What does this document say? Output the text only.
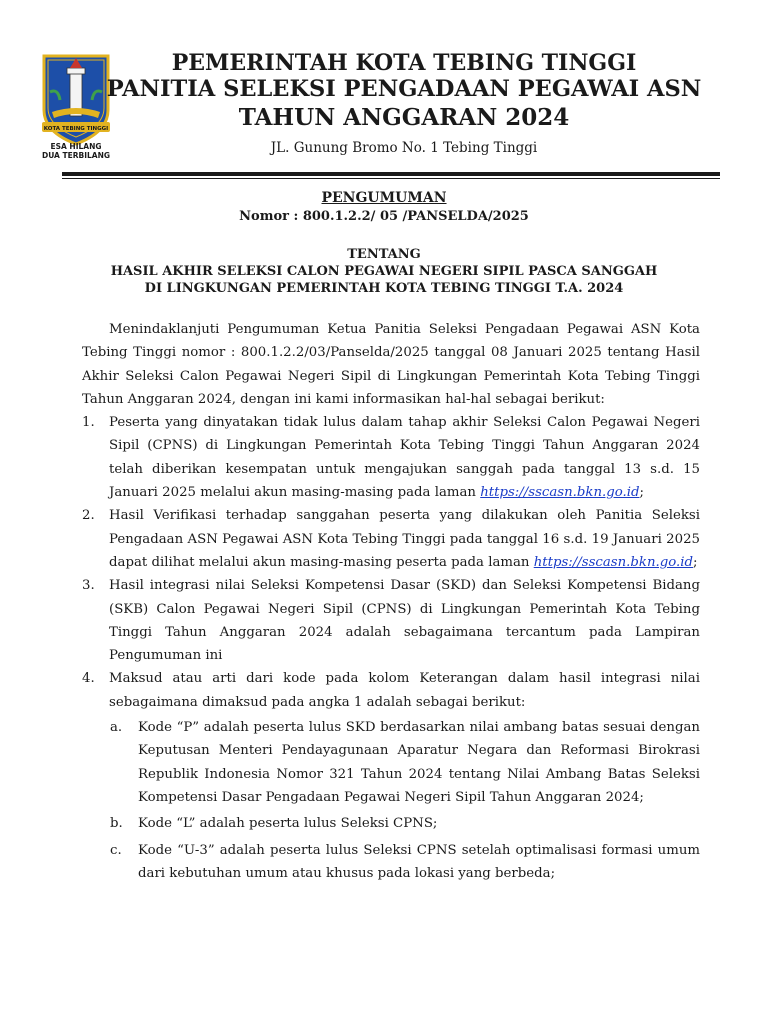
KOTA TEBING TINGGI
ESA HILANG
DUA TERBILANG
PEMERINTAH KOTA TEBING TINGGI
PANITIA SELEKSI PENGADAAN PEGAWAI ASN
TAHUN ANGGARAN 2024
JL. Gunung Bromo No. 1 Tebing Tinggi
PENGUMUMAN
Nomor : 800.1.2.2/ 05 /PANSELDA/2025
TENTANG
HASIL AKHIR SELEKSI CALON PEGAWAI NEGERI SIPIL PASCA SANGGAH
DI LINGKUNGAN PEMERINTAH KOTA TEBING TINGGI T.A. 2024

Menindaklanjuti Pengumuman Ketua Panitia Seleksi Pengadaan Pegawai ASN Kota Tebing Tinggi nomor : 800.1.2.2/03/Panselda/2025 tanggal 08 Januari 2025 tentang Hasil Akhir Seleksi Calon Pegawai Negeri Sipil di Lingkungan Pemerintah Kota Tebing Tinggi Tahun Anggaran 2024, dengan ini kami informasikan hal-hal sebagai berikut:

1. Peserta yang dinyatakan tidak lulus dalam tahap akhir Seleksi Calon Pegawai Negeri Sipil (CPNS) di Lingkungan Pemerintah Kota Tebing Tinggi Tahun Anggaran 2024 telah diberikan kesempatan untuk mengajukan sanggah pada tanggal 13 s.d. 15 Januari 2025 melalui akun masing-masing pada laman https://sscasn.bkn.go.id;
2. Hasil Verifikasi terhadap sanggahan peserta yang dilakukan oleh Panitia Seleksi Pengadaan ASN Pegawai ASN Kota Tebing Tinggi pada tanggal 16 s.d. 19 Januari 2025 dapat dilihat melalui akun masing-masing peserta pada laman https://sscasn.bkn.go.id;
3. Hasil integrasi nilai Seleksi Kompetensi Dasar (SKD) dan Seleksi Kompetensi Bidang (SKB) Calon Pegawai Negeri Sipil (CPNS) di Lingkungan Pemerintah Kota Tebing Tinggi Tahun Anggaran 2024 adalah sebagaimana tercantum pada Lampiran Pengumuman ini
4. Maksud atau arti dari kode pada kolom Keterangan dalam hasil integrasi nilai sebagaimana dimaksud pada angka 1 adalah sebagai berikut:
a. Kode “P” adalah peserta lulus SKD berdasarkan nilai ambang batas sesuai dengan Keputusan Menteri Pendayagunaan Aparatur Negara dan Reformasi Birokrasi Republik Indonesia Nomor 321 Tahun 2024 tentang Nilai Ambang Batas Seleksi Kompetensi Dasar Pengadaan Pegawai Negeri Sipil Tahun Anggaran 2024;
b. Kode “L” adalah peserta lulus Seleksi CPNS;
c. Kode “U-3” adalah peserta lulus Seleksi CPNS setelah optimalisasi formasi umum dari kebutuhan umum atau khusus pada lokasi yang berbeda;
